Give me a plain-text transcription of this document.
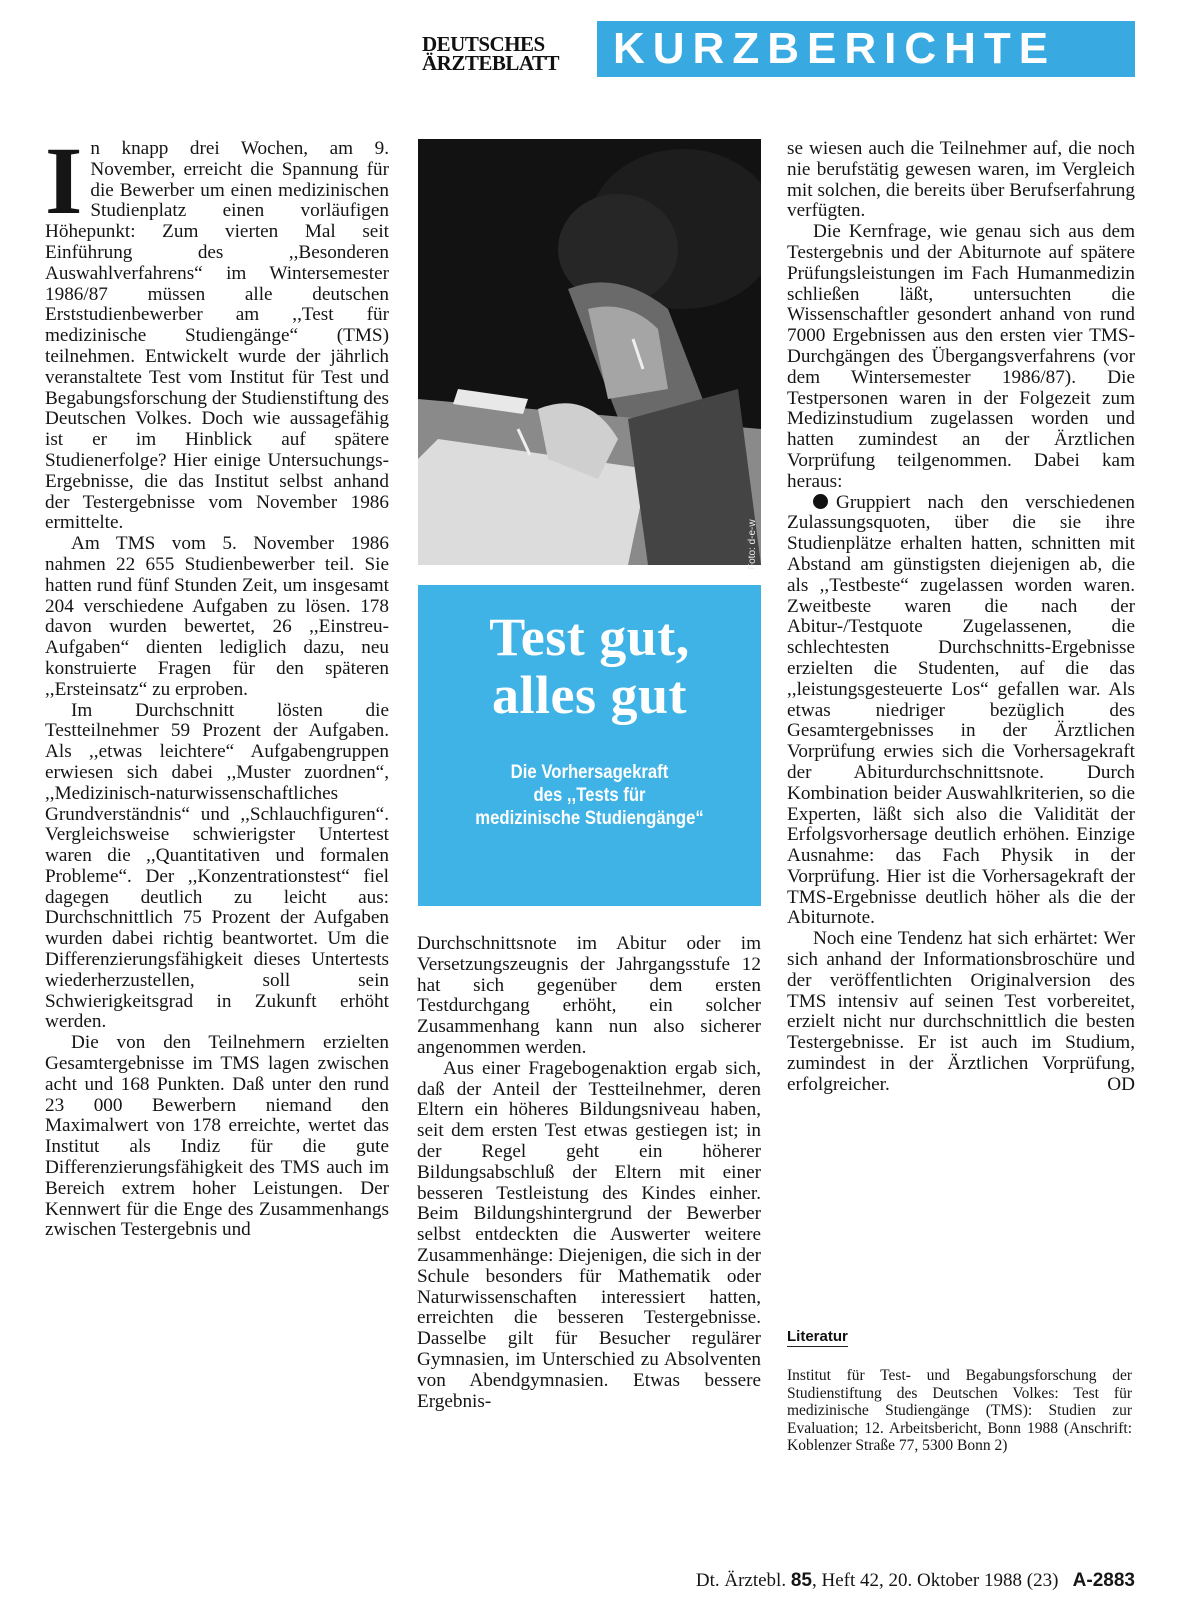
DEUTSCHES
ÄRZTEBLATT	KURZBERICHTE

In knapp drei Wochen, am 9. November, erreicht die Spannung für die Bewerber um einen medizinischen Studienplatz einen vorläufigen Höhepunkt: Zum vierten Mal seit Einführung des ,,Besonderen Auswahlverfahrens“ im Wintersemester 1986/87 müssen alle deutschen Erststudienbewerber am ,,Test für medizinische Studiengänge“ (TMS) teilnehmen. Entwickelt wurde der jährlich veranstaltete Test vom Institut für Test und Begabungsforschung der Studienstiftung des Deutschen Volkes. Doch wie aussagefähig ist er im Hinblick auf spätere Studienerfolge? Hier einige Untersuchungs-Ergebnisse, die das Institut selbst anhand der Testergebnisse vom November 1986 ermittelte.

Am TMS vom 5. November 1986 nahmen 22 655 Studienbewerber teil. Sie hatten rund fünf Stunden Zeit, um insgesamt 204 verschiedene Aufgaben zu lösen. 178 davon wurden bewertet, 26 ,,Einstreu-Aufgaben“ dienten lediglich dazu, neu konstruierte Fragen für den späteren ,,Ersteinsatz“ zu erproben.

Im Durchschnitt lösten die Testteilnehmer 59 Prozent der Aufgaben. Als ,,etwas leichtere“ Aufgabengruppen erwiesen sich dabei ,,Muster zuordnen“, ,,Medizinisch-naturwissenschaftliches Grundverständnis“ und ,,Schlauchfiguren“. Vergleichsweise schwierigster Untertest waren die ,,Quantitativen und formalen Probleme“. Der ,,Konzentrationstest“ fiel dagegen deutlich zu leicht aus: Durchschnittlich 75 Prozent der Aufgaben wurden dabei richtig beantwortet. Um die Differenzierungsfähigkeit dieses Untertests wiederherzustellen, soll sein Schwierigkeitsgrad in Zukunft erhöht werden.

Die von den Teilnehmern erzielten Gesamtergebnisse im TMS lagen zwischen acht und 168 Punkten. Daß unter den rund 23 000 Bewerbern niemand den Maximalwert von 178 erreichte, wertet das Institut als Indiz für die gute Differenzierungsfähigkeit des TMS auch im Bereich extrem hoher Leistungen. Der Kennwert für die Enge des Zusammenhangs zwischen Testergebnis und

Foto: d-e-w
Test gut,
alles gut
Die Vorhersagekraft
des ,,Tests für
medizinische Studiengänge“

Durchschnittsnote im Abitur oder im Versetzungszeugnis der Jahrgangsstufe 12 hat sich gegenüber dem ersten Testdurchgang erhöht, ein solcher Zusammenhang kann nun also sicherer angenommen werden.

Aus einer Fragebogenaktion ergab sich, daß der Anteil der Testteilnehmer, deren Eltern ein höheres Bildungsniveau haben, seit dem ersten Test etwas gestiegen ist; in der Regel geht ein höherer Bildungsabschluß der Eltern mit einer besseren Testleistung des Kindes einher. Beim Bildungshintergrund der Bewerber selbst entdeckten die Auswerter weitere Zusammenhänge: Diejenigen, die sich in der Schule besonders für Mathematik oder Naturwissenschaften interessiert hatten, erreichten die besseren Testergebnisse. Dasselbe gilt für Besucher regulärer Gymnasien, im Unterschied zu Absolventen von Abendgymnasien. Etwas bessere Ergebnis-

se wiesen auch die Teilnehmer auf, die noch nie berufstätig gewesen waren, im Vergleich mit solchen, die bereits über Berufserfahrung verfügten.

Die Kernfrage, wie genau sich aus dem Testergebnis und der Abiturnote auf spätere Prüfungsleistungen im Fach Humanmedizin schließen läßt, untersuchten die Wissenschaftler gesondert anhand von rund 7000 Ergebnissen aus den ersten vier TMS-Durchgängen des Übergangsverfahrens (vor dem Wintersemester 1986/87). Die Testpersonen waren in der Folgezeit zum Medizinstudium zugelassen worden und hatten zumindest an der Ärztlichen Vorprüfung teilgenommen. Dabei kam heraus:

Gruppiert nach den verschiedenen Zulassungsquoten, über die sie ihre Studienplätze erhalten hatten, schnitten mit Abstand am günstigsten diejenigen ab, die als ,,Testbeste“ zugelassen worden waren. Zweitbeste waren die nach der Abitur-/Testquote Zugelassenen, die schlechtesten Durchschnitts-Ergebnisse erzielten die Studenten, auf die das ,,leistungsgesteuerte Los“ gefallen war. Als etwas niedriger bezüglich des Gesamtergebnisses in der Ärztlichen Vorprüfung erwies sich die Vorhersagekraft der Abiturdurchschnittsnote. Durch Kombination beider Auswahlkriterien, so die Experten, läßt sich also die Validität der Erfolgsvorhersage deutlich erhöhen. Einzige Ausnahme: das Fach Physik in der Vorprüfung. Hier ist die Vorhersagekraft der TMS-Ergebnisse deutlich höher als die der Abiturnote.

Noch eine Tendenz hat sich erhärtet: Wer sich anhand der Informationsbroschüre und der veröffentlichten Originalversion des TMS intensiv auf seinen Test vorbereitet, erzielt nicht nur durchschnittlich die besten Testergebnisse. Er ist auch im Studium, zumindest in der Ärztlichen Vorprüfung, erfolgreicher.	OD

Literatur
Institut für Test- und Begabungsforschung der Studienstiftung des Deutschen Volkes: Test für medizinische Studiengänge (TMS): Studien zur Evaluation; 12. Arbeitsbericht, Bonn 1988 (Anschrift: Koblenzer Straße 77, 5300 Bonn 2)
Dt. Ärztebl. 85, Heft 42, 20. Oktober 1988 (23) A-2883
